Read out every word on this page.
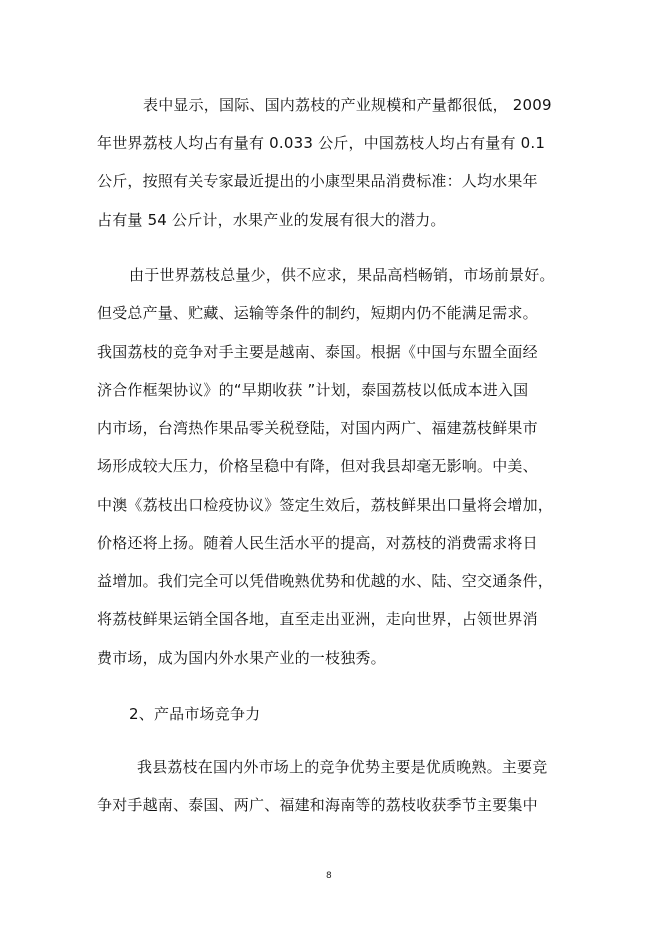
表中显示，国际、国内荔枝的产业规模和产量都很低， 2009
年世界荔枝人均占有量有 0.033 公斤，中国荔枝人均占有量有 0.1
公斤，按照有关专家最近提出的小康型果品消费标准：人均水果年
占有量 54 公斤计，水果产业的发展有很大的潜力。
由于世界荔枝总量少，供不应求，果品高档畅销，市场前景好。
但受总产量、贮藏、运输等条件的制约，短期内仍不能满足需求。
我国荔枝的竞争对手主要是越南、泰国。根据《中国与东盟全面经
济合作框架协议》的“早期收获 ”计划，泰国荔枝以低成本进入国
内市场，台湾热作果品零关税登陆，对国内两广、福建荔枝鲜果市
场形成较大压力，价格呈稳中有降，但对我县却毫无影响。中美、
中澳《荔枝出口检疫协议》签定生效后，荔枝鲜果出口量将会增加，
价格还将上扬。随着人民生活水平的提高，对荔枝的消费需求将日
益增加。我们完全可以凭借晚熟优势和优越的水、陆、空交通条件，
将荔枝鲜果运销全国各地，直至走出亚洲，走向世界，占领世界消
费市场，成为国内外水果产业的一枝独秀。
2、产品市场竞争力
我县荔枝在国内外市场上的竞争优势主要是优质晚熟。主要竞
争对手越南、泰国、两广、福建和海南等的荔枝收获季节主要集中
8
